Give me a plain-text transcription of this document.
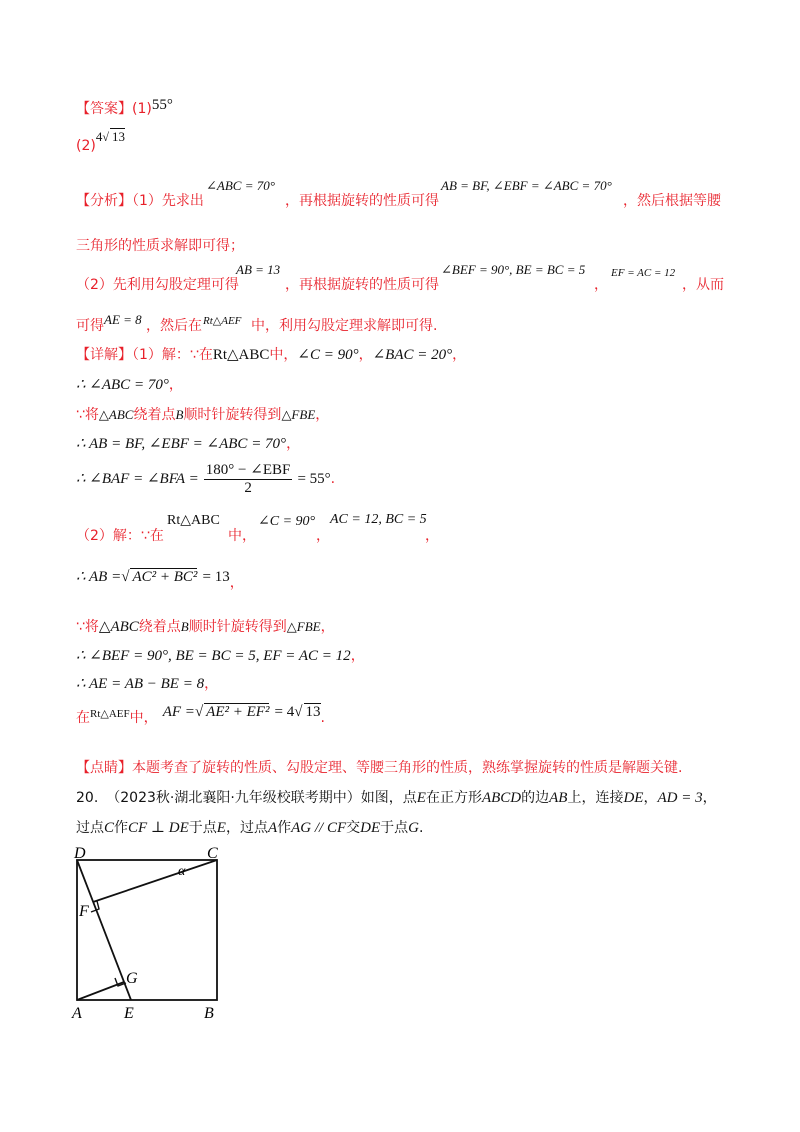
【答案】(1)55°
$(2)^{4√ 13}$
【分析】（1）先求出
∠ABC = 70°
，再根据旋转的性质可得
AB = BF, ∠EBF = ∠ABC = 70°
，然后根据等腰
三角形的性质求解即可得；
（2）先利用勾股定理可得
AB = 13
，再根据旋转的性质可得
∠BEF = 90°, BE = BC = 5
，
EF = AC = 12
，从而
可得 AE = 8 ，然后在 Rt△AEF 中，利用勾股定理求解即可得.
【详解】（1）解：∵在Rt△ABC中，∠C = 90°，∠BAC = 20°，
∴ ∠ABC = 70°，
∵将△ABC绕着点B顺时针旋转得到△FBE，
∴ AB = BF, ∠EBF = ∠ABC = 70°，
∴ ∠BAF = ∠BFA = $\frac{\text{180° − ∠EBF}}{2} = 55^\circ$.
（2）解：∵在
Rt△ABC
中，
∠C = 90°
，
AC = 12, BC = 5
，
∴ AB =√ AC² + BC² = 13，
∵将△ABC绕着点B顺时针旋转得到△FBE，
∴ ∠BEF = 90°, BE = BC = 5, EF = AC = 12，
∴ AE = AB − BE = 8，
在$^{Rt\triangle AEF}$中， AF =√ AE² + EF² = 4√ 13.
【点睛】本题考查了旋转的性质、勾股定理、等腰三角形的性质，熟练掌握旋转的性质是解题关键.
20. （2023秋·湖北襄阳·九年级校联考期中）如图，点E在正方形ABCD的边AB上，连接DE，AD = 3，
过点C作CF ⊥ DE于点E，过点A作AG // CF交DE于点G.
D	C
α
F
G
A	E	B
